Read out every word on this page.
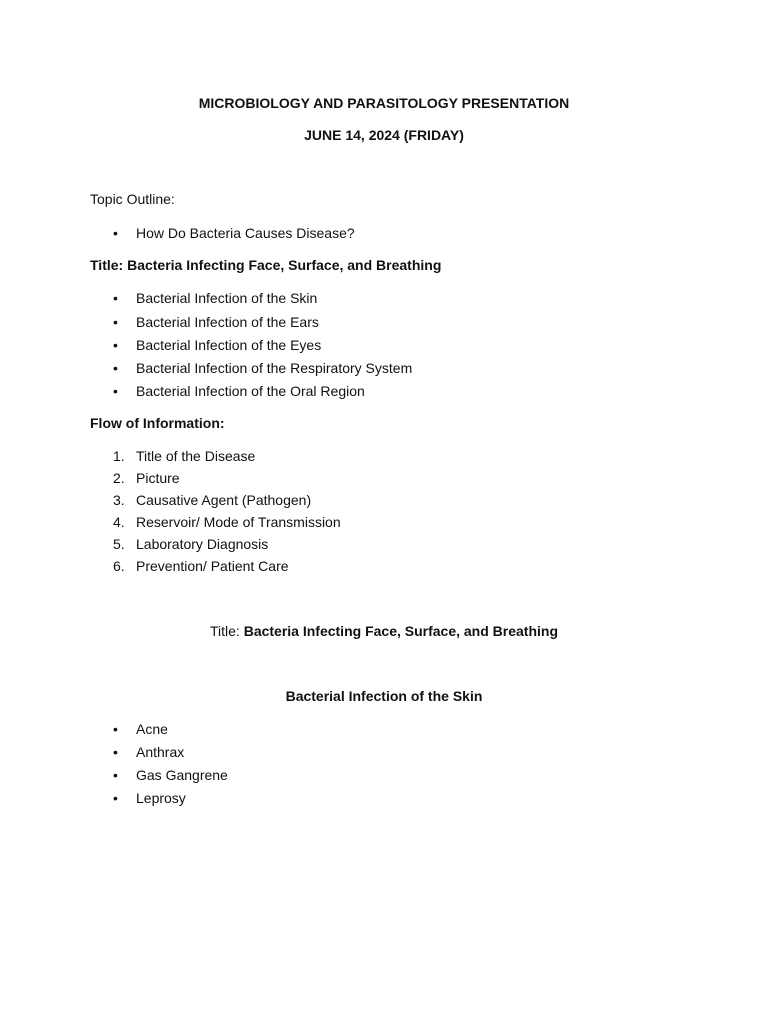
MICROBIOLOGY AND PARASITOLOGY PRESENTATION
JUNE 14, 2024 (FRIDAY)
Topic Outline:
•	How Do Bacteria Causes Disease?
Title: Bacteria Infecting Face, Surface, and Breathing
•	Bacterial Infection of the Skin
•	Bacterial Infection of the Ears
•	Bacterial Infection of the Eyes
•	Bacterial Infection of the Respiratory System
•	Bacterial Infection of the Oral Region
Flow of Information:
1. Title of the Disease
2. Picture
3. Causative Agent (Pathogen)
4. Reservoir/ Mode of Transmission
5. Laboratory Diagnosis
6. Prevention/ Patient Care
Title: Bacteria Infecting Face, Surface, and Breathing
Bacterial Infection of the Skin
•	Acne
•	Anthrax
•	Gas Gangrene
•	Leprosy
